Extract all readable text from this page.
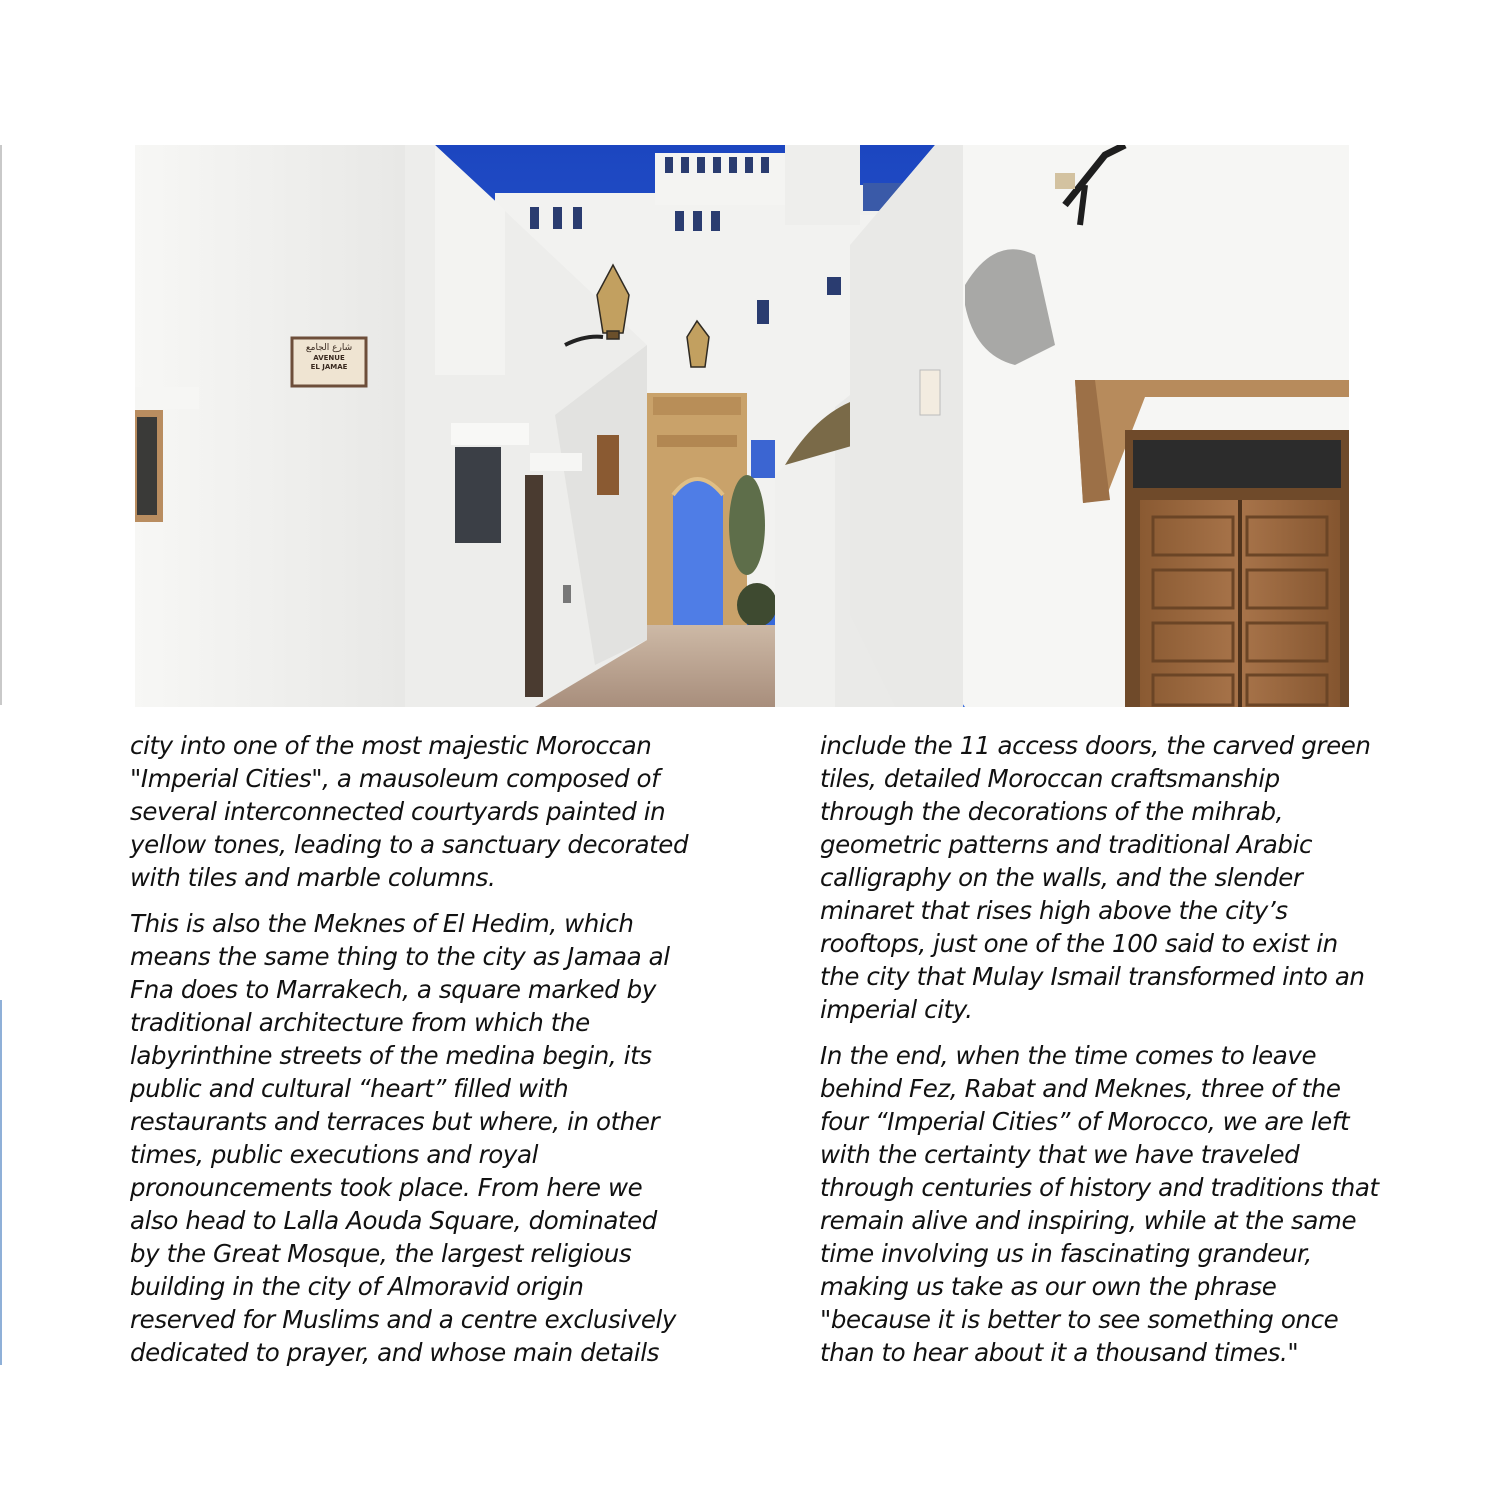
شارع الجامع
AVENUE
EL JAMAE

city into one of the most majestic Moroccan "Imperial Cities", a mausoleum composed of several interconnected courtyards painted in yellow tones, leading to a sanctuary decorated with tiles and marble columns.

This is also the Meknes of El Hedim, which means the same thing to the city as Jamaa al Fna does to Marrakech, a square marked by traditional architecture from which the labyrinthine streets of the medina begin, its public and cultural “heart” filled with restaurants and terraces but where, in other times, public executions and royal pronouncements took place. From here we also head to Lalla Aouda Square, dominated by the Great Mosque, the largest religious building in the city of Almoravid origin reserved for Muslims and a centre exclusively dedicated to prayer, and whose main details

include the 11 access doors, the carved green tiles, detailed Moroccan craftsmanship through the decorations of the mihrab, geometric patterns and traditional Arabic calligraphy on the walls, and the slender minaret that rises high above the city’s rooftops, just one of the 100 said to exist in the city that Mulay Ismail transformed into an imperial city.

In the end, when the time comes to leave behind Fez, Rabat and Meknes, three of the four “Imperial Cities” of Morocco, we are left with the certainty that we have traveled through centuries of history and traditions that remain alive and inspiring, while at the same time involving us in fascinating grandeur, making us take as our own the phrase "because it is better to see something once than to hear about it a thousand times."
